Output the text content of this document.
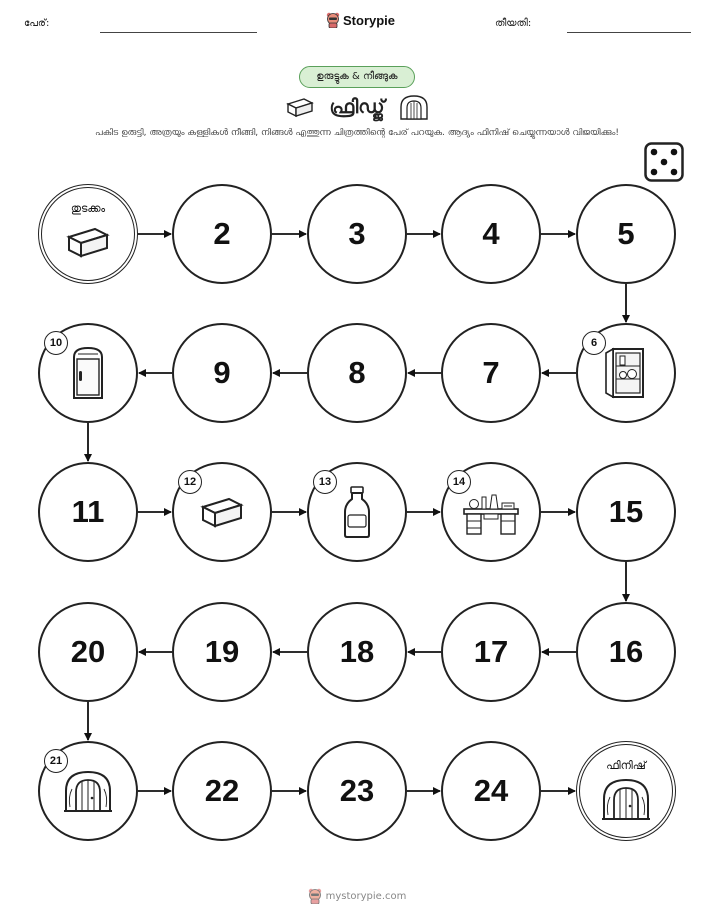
പേര്:	Storypie	തീയതി:
ഉരുട്ടുക & നീങ്ങുക
ഫ്രിഡ്ജ്
പകിട ഉരുട്ടി, അത്രയും കള്ളികൾ നീങ്ങി, നിങ്ങൾ എത്തുന്ന ചിത്രത്തിന്റെ പേര് പറയുക. ആദ്യം ഫിനിഷ് ചെയ്യുന്നയാൾ വിജയിക്കും!
തുടക്കം
2	3	4	5
6
7
8
9
10
11
12	13	14
15
16
17
18
19
20
21
22	23	24
ഫിനിഷ്
mystorypie.com
